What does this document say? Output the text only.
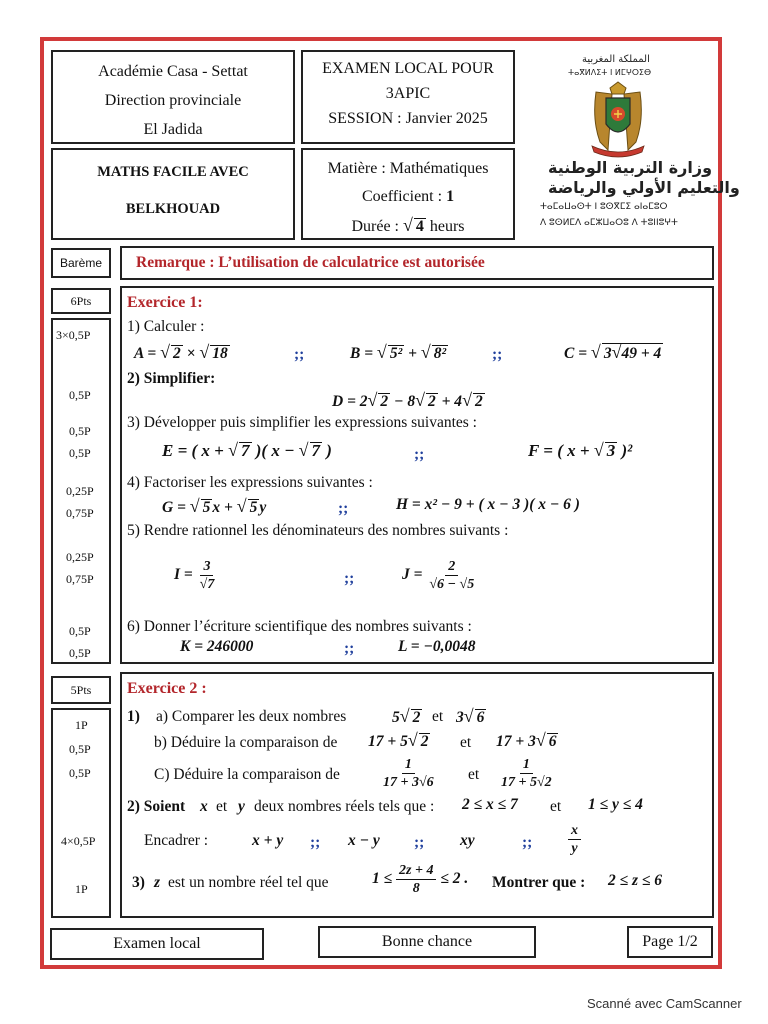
Académie Casa - Settat
Direction provinciale
El Jadida
EXAMEN LOCAL POUR
3APIC
SESSION : Janvier 2025
MATHS FACILE AVEC
BELKHOUAD
Matière : Mathématiques
Coefficient : 1
Durée : √ 4 heurs
المملكة المغربية
ⵜⴰⴳⵍⴷⵉⵜ ⵏ ⵍⵎⵖⵔⵉⴱ
وزارة التربية الوطنية
والتعليم الأولي والرياضة
ⵜⴰⵎⴰⵡⴰⵙⵜ ⵏ ⵓⵙⴳⵎⵉ ⴰⵏⴰⵎⵓⵔ
ⴷ ⵓⵙⵍⵎⴷ ⴰⵎⵣⵡⴰⵔⵓ ⴷ ⵜⵓⵏⵏⵓⵖⵜ
Barème	Remarque : L’utilisation de calculatrice est autorisée
6Pts
3×0,5P
0,5P
0,5P
0,5P
0,25P
0,75P
0,25P
0,75P
0,5P
0,5P
Exercice 1:
1) Calculer :
A = √ 2 × √ 18	;;	B = √ 5² + √ 8²	;;	C = √ 3√49 + 4
2) Simplifier:
D = 2√ 2 − 8√ 2 + 4√ 2
3) Développer puis simplifier les expressions suivantes :
E = ( x + √ 7 )( x − √ 7 )	;;	F = ( x + √ 3 )²
4) Factoriser les expressions suivantes :
G = √ 5 x + √ 5 y	;;	H = x² − 9 + ( x − 3 )( x − 6 )
5) Rendre rationnel les dénominateurs des nombres suivants :
$I = \frac{3}{√7}$	;;	$J = \frac{2}{√6 - √5}$
6) Donner l’écriture scientifique des nombres suivants :
K = 246000	;;	L = −0,0048
5Pts
1P
0,5P
0,5P
4×0,5P
1P
Exercice 2 :
1) a) Comparer les deux nombres	5√ 2 et 3√ 6
b) Déduire la comparaison de 17 + 5√ 2 et 17 + 3√ 6
C) Déduire la comparaison de	$\frac{1}{17 + 3√6}$ et $\frac{1}{17 + 5√2}$
2) Soient x et y deux nombres réels tels que : 2 ≤ x ≤ 7 et 1 ≤ y ≤ 4
Encadrer :	x + y ;; x − y ;; xy	;;	$\frac{x}{y}$
3) z est un nombre réel tel que	$1 \le \frac{2z + 4}{8} \le 2$ . Montrer que : 2 ≤ z ≤ 6
Examen local	Bonne chance	Page 1/2
Scanné avec CamScanner
